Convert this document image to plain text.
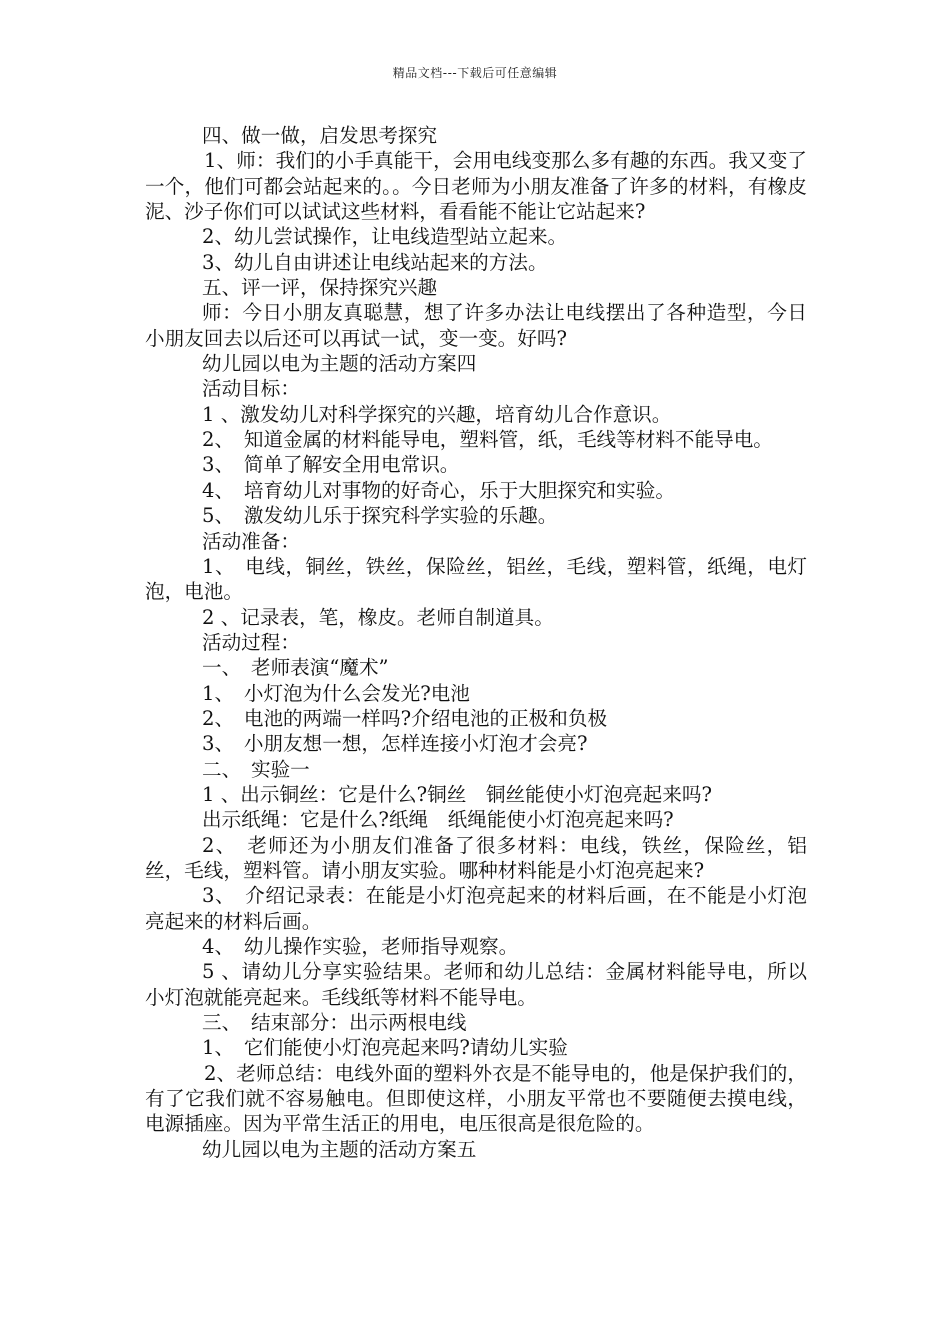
精品文档---下载后可任意编辑

四、做一做，启发思考探究

1、师：我们的小手真能干，会用电线变那么多有趣的东西。我又变了一个，他们可都会站起来的。。今日老师为小朋友准备了许多的材料，有橡皮泥、沙子你们可以试试这些材料，看看能不能让它站起来?

2、幼儿尝试操作，让电线造型站立起来。

3、幼儿自由讲述让电线站起来的方法。

五、评一评，保持探究兴趣

师：今日小朋友真聪慧，想了许多办法让电线摆出了各种造型，今日小朋友回去以后还可以再试一试，变一变。好吗?

幼儿园以电为主题的活动方案四

活动目标：

1 、激发幼儿对科学探究的兴趣，培育幼儿合作意识。

2、　知道金属的材料能导电，塑料管，纸，毛线等材料不能导电。

3、　简单了解安全用电常识。

4、　培育幼儿对事物的好奇心，乐于大胆探究和实验。

5、　激发幼儿乐于探究科学实验的乐趣。

活动准备：

1、　电线，铜丝，铁丝，保险丝，铝丝，毛线，塑料管，纸绳，电灯泡，电池。

2 、记录表，笔，橡皮。老师自制道具。

活动过程：

一、　老师表演“魔术”

1、　小灯泡为什么会发光?电池

2、　电池的两端一样吗?介绍电池的正极和负极

3、　小朋友想一想，怎样连接小灯泡才会亮?

二、　实验一

1 、出示铜丝：它是什么?铜丝　铜丝能使小灯泡亮起来吗?

出示纸绳：它是什么?纸绳　纸绳能使小灯泡亮起来吗?

2、　老师还为小朋友们准备了很多材料：电线，铁丝，保险丝，铝丝，毛线，塑料管。请小朋友实验。哪种材料能是小灯泡亮起来?

3、　介绍记录表：在能是小灯泡亮起来的材料后画，在不能是小灯泡亮起来的材料后画。

4、　幼儿操作实验，老师指导观察。

5 、请幼儿分享实验结果。老师和幼儿总结：金属材料能导电，所以小灯泡就能亮起来。毛线纸等材料不能导电。

三、　结束部分：出示两根电线

1、　它们能使小灯泡亮起来吗?请幼儿实验

2、老师总结：电线外面的塑料外衣是不能导电的，他是保护我们的，有了它我们就不容易触电。但即使这样，小朋友平常也不要随便去摸电线，电源插座。因为平常生活正的用电，电压很高是很危险的。

幼儿园以电为主题的活动方案五
